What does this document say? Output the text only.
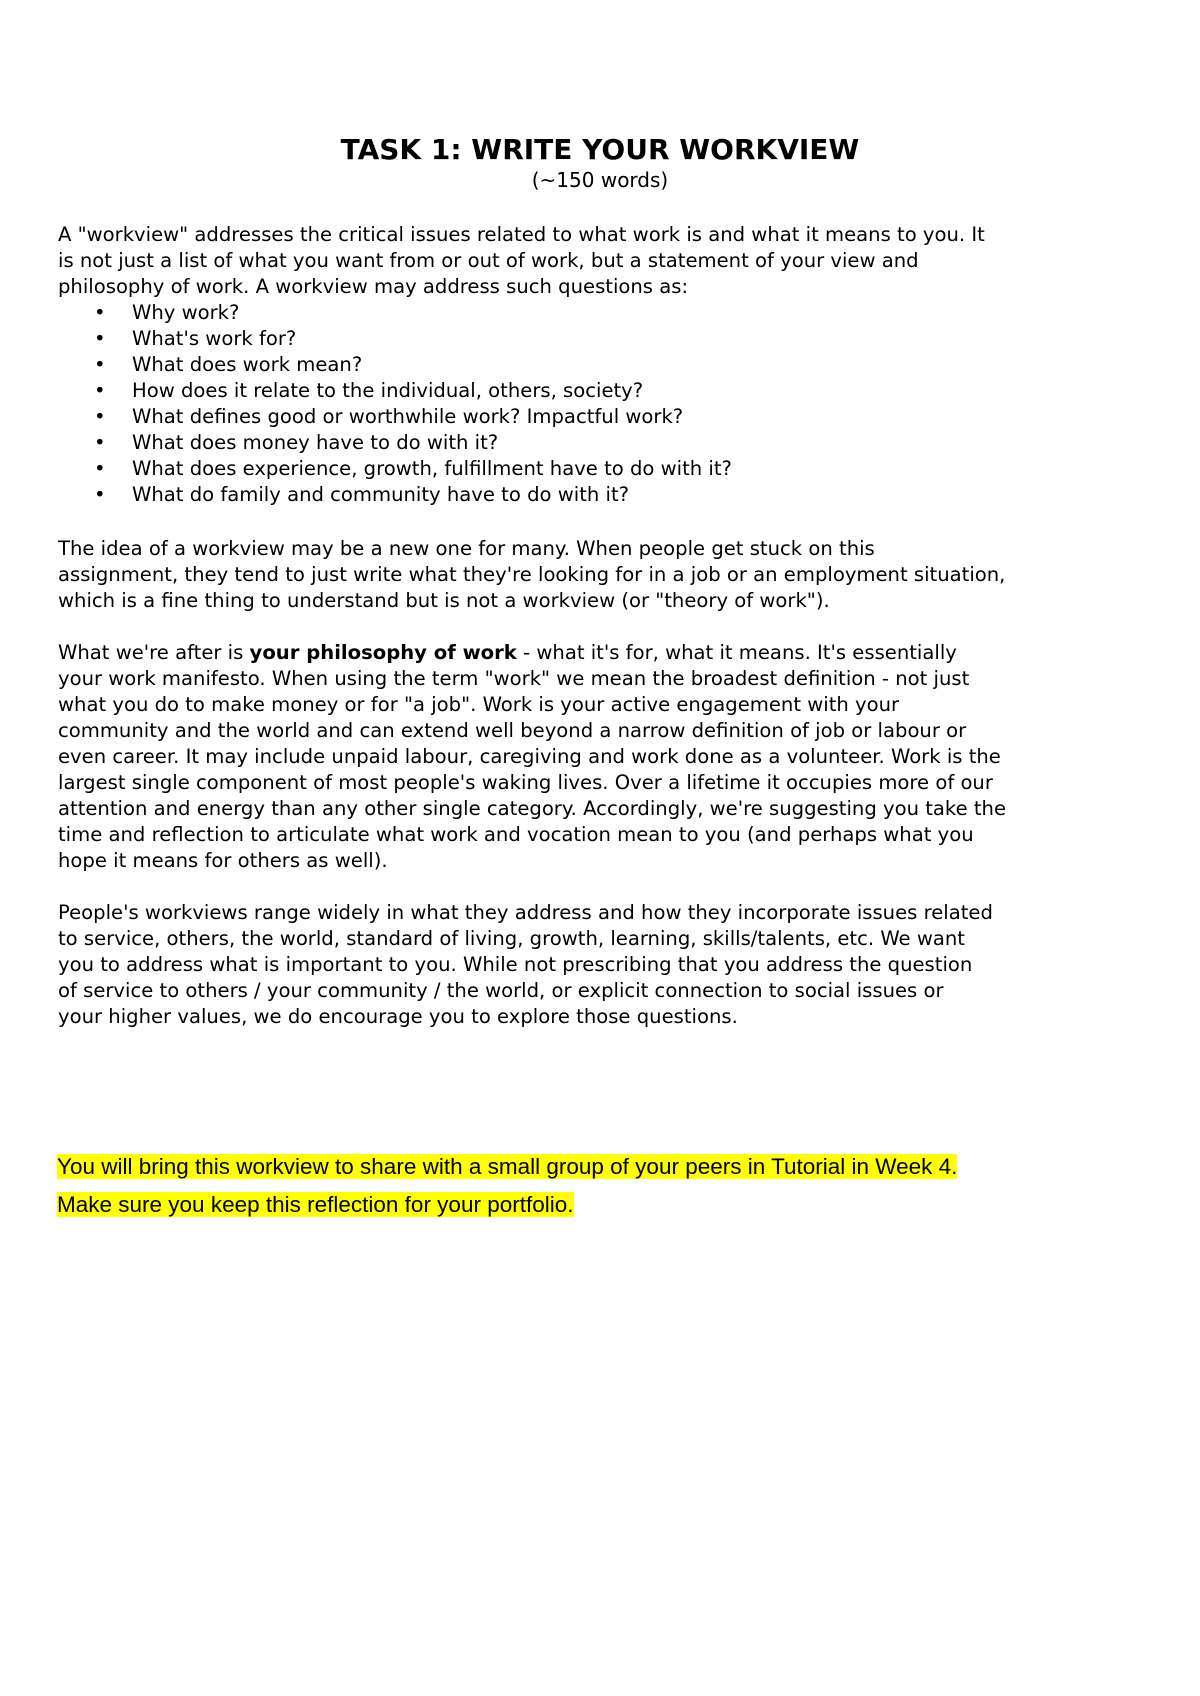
TASK 1: WRITE YOUR WORKVIEW
(~150 words)
A "workview" addresses the critical issues related to what work is and what it means to you. It
is not just a list of what you want from or out of work, but a statement of your view and
philosophy of work. A workview may address such questions as:
• Why work?
• What's work for?
• What does work mean?
• How does it relate to the individual, others, society?
• What defines good or worthwhile work? Impactful work?
• What does money have to do with it?
• What does experience, growth, fulfillment have to do with it?
• What do family and community have to do with it?
The idea of a workview may be a new one for many. When people get stuck on this
assignment, they tend to just write what they're looking for in a job or an employment situation,
which is a fine thing to understand but is not a workview (or "theory of work").
What we're after is your philosophy of work - what it's for, what it means. It's essentially
your work manifesto. When using the term "work" we mean the broadest definition - not just
what you do to make money or for "a job". Work is your active engagement with your
community and the world and can extend well beyond a narrow definition of job or labour or
even career. It may include unpaid labour, caregiving and work done as a volunteer. Work is the
largest single component of most people's waking lives. Over a lifetime it occupies more of our
attention and energy than any other single category. Accordingly, we're suggesting you take the
time and reflection to articulate what work and vocation mean to you (and perhaps what you
hope it means for others as well).
People's workviews range widely in what they address and how they incorporate issues related
to service, others, the world, standard of living, growth, learning, skills/talents, etc. We want
you to address what is important to you. While not prescribing that you address the question
of service to others / your community / the world, or explicit connection to social issues or
your higher values, we do encourage you to explore those questions.
You will bring this workview to share with a small group of your peers in Tutorial in Week 4.
Make sure you keep this reflection for your portfolio.
